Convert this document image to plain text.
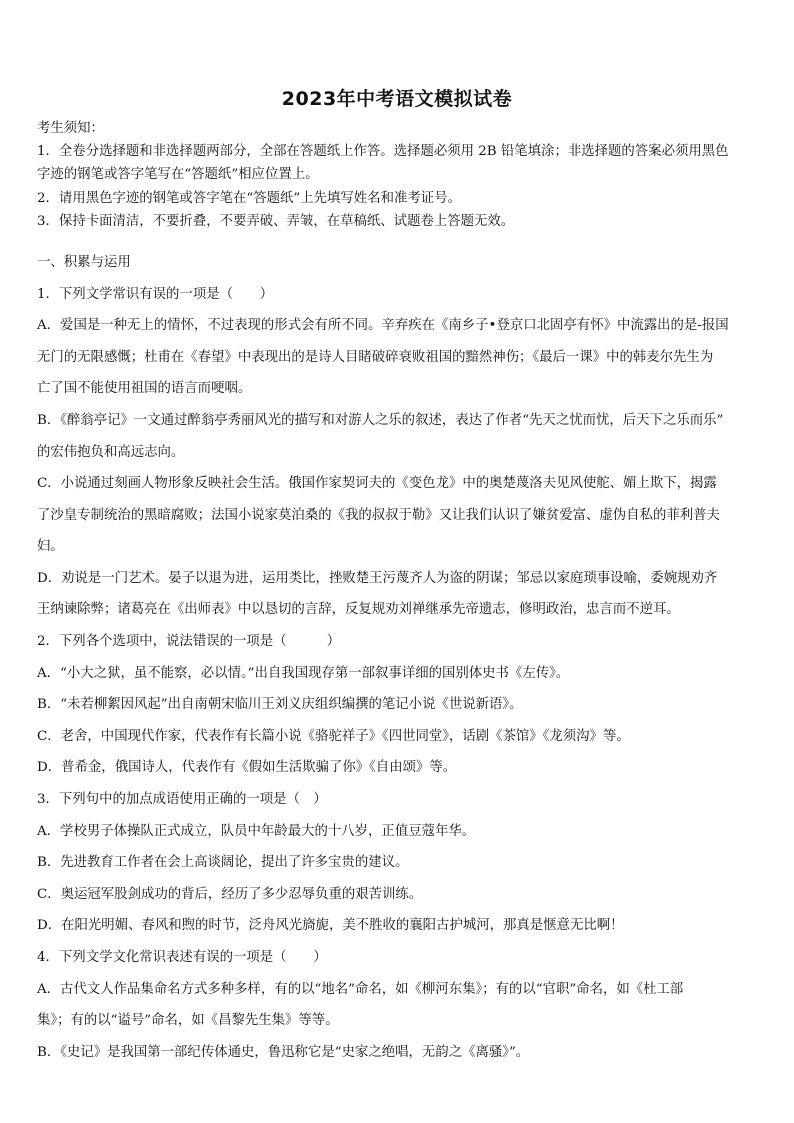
2023年中考语文模拟试卷
考生须知：
1．全卷分选择题和非选择题两部分，全部在答题纸上作答。选择题必须用 2B 铅笔填涂；非选择题的答案必须用黑色
字迹的钢笔或答字笔写在“答题纸”相应位置上。
2．请用黑色字迹的钢笔或答字笔在“答题纸”上先填写姓名和准考证号。
3．保持卡面清洁，不要折叠，不要弄破、弄皱，在草稿纸、试题卷上答题无效。
一、积累与运用
1．下列文学常识有误的一项是（　　）
A．爱国是一种无上的情怀，不过表现的形式会有所不同。辛弃疾在《南乡子•登京口北固亭有怀》中流露出的是‐报国
无门的无限感慨；杜甫在《春望》中表现出的是诗人目睹破碎衰败祖国的黯然神伤；《最后一课》中的韩麦尔先生为
亡了国不能使用祖国的语言而哽咽。
B．《醉翁亭记》一文通过醉翁亭秀丽风光的描写和对游人之乐的叙述，表达了作者“先天之忧而忧，后天下之乐而乐”
的宏伟抱负和高远志向。
C．小说通过刻画人物形象反映社会生活。俄国作家契诃夫的《变色龙》中的奥楚蔑洛夫见风使舵、媚上欺下，揭露
了沙皇专制统治的黑暗腐败；法国小说家莫泊桑的《我的叔叔于勒》又让我们认识了嫌贫爱富、虚伪自私的菲利普夫
妇。
D．劝说是一门艺术。晏子以退为进，运用类比，挫败楚王污蔑齐人为盗的阴谋；邹忌以家庭琐事设喻，委婉规劝齐
王纳谏除弊；诸葛亮在《出师表》中以恳切的言辞，反复规劝刘禅继承先帝遗志，修明政治，忠言而不逆耳。
2．下列各个选项中，说法错误的一项是（　　　）
A．“小大之狱，虽不能察，必以情。”出自我国现存第一部叙事详细的国别体史书《左传》。
B．“未若柳絮因风起”出自南朝宋临川王刘义庆组织编撰的笔记小说《世说新语》。
C．老舍，中国现代作家，代表作有长篇小说《骆驼祥子》《四世同堂》，话剧《茶馆》《龙须沟》等。
D．普希金，俄国诗人，代表作有《假如生活欺骗了你》《自由颂》等。
3．下列句中的加点成语使用正确的一项是（　）
A．学校男子体操队正式成立，队员中年龄最大的十八岁，正值豆蔻年华。
B．先进教育工作者在会上高谈阔论，提出了许多宝贵的建议。
C．奥运冠军股剑成功的背后，经历了多少忍辱负重的艰苦训练。
D．在阳光明媚、春风和煦的时节，泛舟风光旖旎，美不胜收的襄阳古护城河，那真是惬意无比啊！
4．下列文学文化常识表述有误的一项是（　　）
A．古代文人作品集命名方式多种多样，有的以“地名”命名，如《柳河东集》；有的以“官职”命名，如《杜工部
集》；有的以“谥号”命名，如《昌黎先生集》等等。
B．《史记》是我国第一部纪传体通史，鲁迅称它是“史家之绝唱，无韵之《离骚》”。
